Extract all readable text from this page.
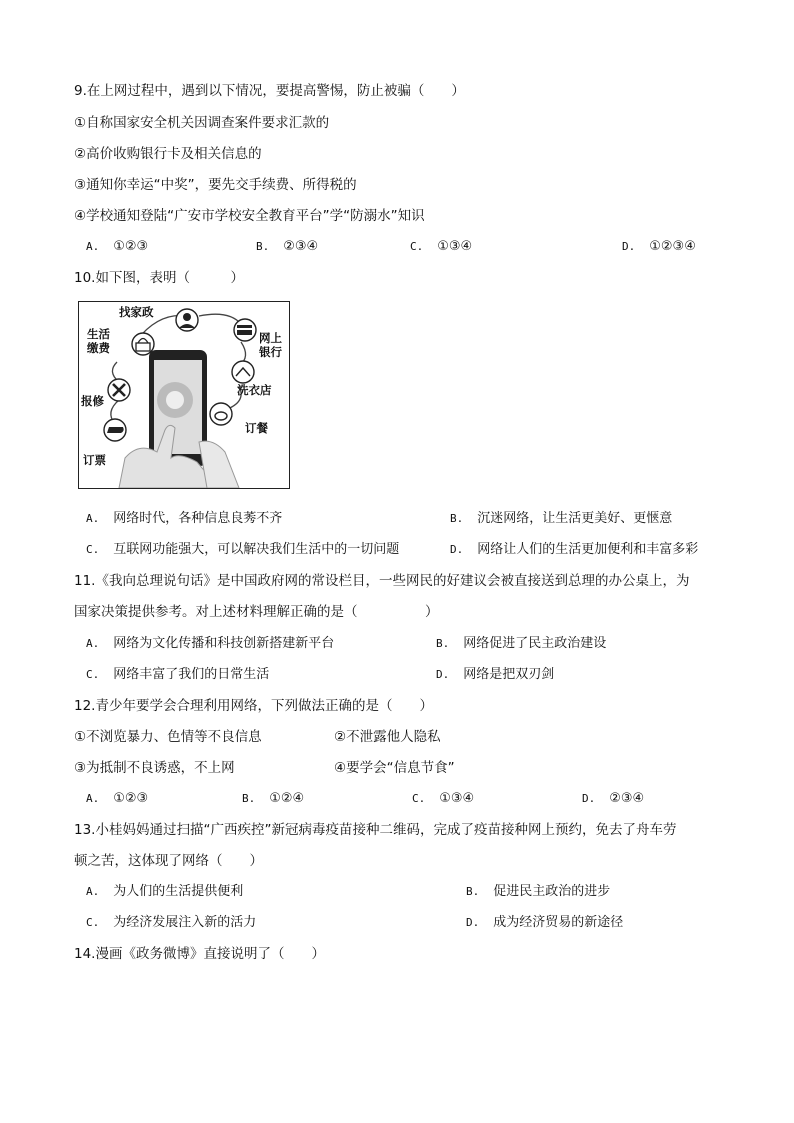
9.在上网过程中，遇到以下情况，要提高警惕，防止被骗（　　）
①自称国家安全机关因调查案件要求汇款的
②高价收购银行卡及相关信息的
③通知你幸运“中奖”，要先交手续费、所得税的
④学校通知登陆“广安市学校安全教育平台”学“防溺水”知识
A. ①②③	B. ②③④	C. ①③④	D. ①②③④
10.如下图，表明（　　　）
找家政
生活
缴费
网上
银行
洗衣店
报修
订餐
订票
A. 网络时代，各种信息良莠不齐	B. 沉迷网络，让生活更美好、更惬意
C. 互联网功能强大，可以解决我们生活中的一切问题	D. 网络让人们的生活更加便利和丰富多彩
11.《我向总理说句话》是中国政府网的常设栏目，一些网民的好建议会被直接送到总理的办公桌上，为
国家决策提供参考。对上述材料理解正确的是（　　　　　）
A. 网络为文化传播和科技创新搭建新平台	B. 网络促进了民主政治建设
C. 网络丰富了我们的日常生活	D. 网络是把双刃剑
12.青少年要学会合理利用网络，下列做法正确的是（　　）
①不浏览暴力、色情等不良信息	②不泄露他人隐私
③为抵制不良诱惑，不上网	④要学会“信息节食”
A. ①②③	B. ①②④	C. ①③④	D. ②③④
13.小桂妈妈通过扫描“广西疾控”新冠病毒疫苗接种二维码，完成了疫苗接种网上预约，免去了舟车劳
顿之苦，这体现了网络（　　）
A. 为人们的生活提供便利	B. 促进民主政治的进步
C. 为经济发展注入新的活力	D. 成为经济贸易的新途径
14.漫画《政务微博》直接说明了（　　）
